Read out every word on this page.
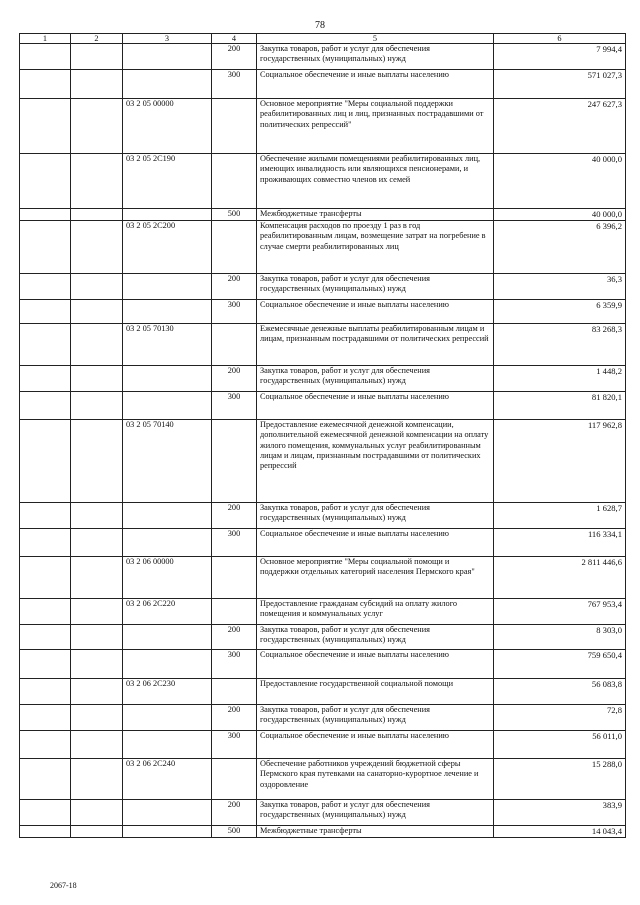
78
1	2	3	4	5	6
			200	Закупка товаров, работ и услуг для обеспечения государственных (муниципальных) нужд	7 994,4
			300	Социальное обеспечение и иные выплаты населению	571 027,3
		03 2 05 00000		Основное мероприятие "Меры социальной поддержки реабилитированных лиц и лиц, признанных пострадавшими от политических репрессий"	247 627,3
		03 2 05 2С190		Обеспечение жилыми помещениями реабилитированных лиц, имеющих инвалидность или являющихся пенсионерами, и проживающих совместно членов их семей	40 000,0
			500	Межбюджетные трансферты	40 000,0
		03 2 05 2С200		Компенсация расходов по проезду 1 раз в год реабилитированным лицам, возмещение затрат на погребение в случае смерти реабилитированных лиц	6 396,2
			200	Закупка товаров, работ и услуг для обеспечения государственных (муниципальных) нужд	36,3
			300	Социальное обеспечение и иные выплаты населению	6 359,9
		03 2 05 70130		Ежемесячные денежные выплаты реабилитированным лицам и лицам, признанным пострадавшими от политических репрессий	83 268,3
			200	Закупка товаров, работ и услуг для обеспечения государственных (муниципальных) нужд	1 448,2
			300	Социальное обеспечение и иные выплаты населению	81 820,1
		03 2 05 70140		Предоставление ежемесячной денежной компенсации, дополнительной ежемесячной денежной компенсации на оплату жилого помещения, коммунальных услуг реабилитированным лицам и лицам, признанным пострадавшими от политических репрессий	117 962,8
			200	Закупка товаров, работ и услуг для обеспечения государственных (муниципальных) нужд	1 628,7
			300	Социальное обеспечение и иные выплаты населению	116 334,1
		03 2 06 00000		Основное мероприятие "Меры социальной помощи и поддержки отдельных категорий населения Пермского края"	2 811 446,6
		03 2 06 2С220		Предоставление гражданам субсидий на оплату жилого помещения и коммунальных услуг	767 953,4
			200	Закупка товаров, работ и услуг для обеспечения государственных (муниципальных) нужд	8 303,0
			300	Социальное обеспечение и иные выплаты населению	759 650,4
		03 2 06 2С230		Предоставление государственной социальной помощи	56 083,8
			200	Закупка товаров, работ и услуг для обеспечения государственных (муниципальных) нужд	72,8
			300	Социальное обеспечение и иные выплаты населению	56 011,0
		03 2 06 2С240		Обеспечение работников учреждений бюджетной сферы Пермского края путевками на санаторно-курортное лечение и оздоровление	15 288,0
			200	Закупка товаров, работ и услуг для обеспечения государственных (муниципальных) нужд	383,9
			500	Межбюджетные трансферты	14 043,4
2067-18
